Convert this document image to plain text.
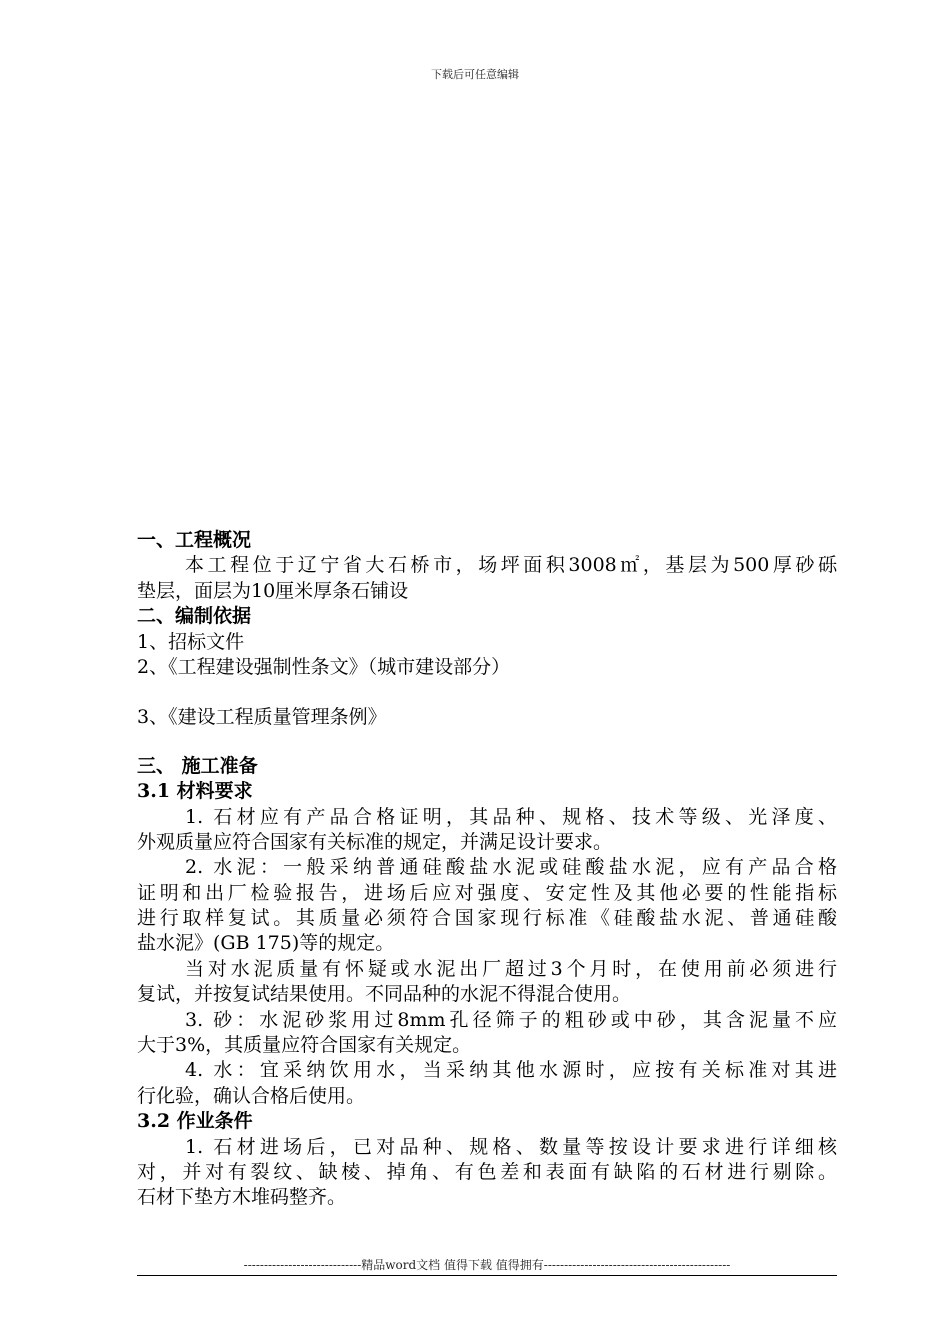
下载后可任意编辑
一、工程概况
本工程位于辽宁省大石桥市，场坪面积3008㎡，基层为500厚砂砾
垫层，面层为10厘米厚条石铺设
二、编制依据
1、招标文件
2、《工程建设强制性条文》（城市建设部分）
3、《建设工程质量管理条例》
三、 施工准备
3.1 材料要求
1. 石材应有产品合格证明，其品种、规格、技术等级、光泽度、
外观质量应符合国家有关标准的规定，并满足设计要求。
2. 水泥：一般采纳普通硅酸盐水泥或硅酸盐水泥，应有产品合格
证明和出厂检验报告，进场后应对强度、安定性及其他必要的性能指标
进行取样复试。其质量必须符合国家现行标准《硅酸盐水泥、普通硅酸
盐水泥》(GB 175)等的规定。
当对水泥质量有怀疑或水泥出厂超过3个月时，在使用前必须进行
复试，并按复试结果使用。不同品种的水泥不得混合使用。
3. 砂：水泥砂浆用过8mm孔径筛子的粗砂或中砂，其含泥量不应
大于3%，其质量应符合国家有关规定。
4. 水：宜采纳饮用水，当采纳其他水源时，应按有关标准对其进
行化验，确认合格后使用。
3.2 作业条件
1. 石材进场后，已对品种、规格、数量等按设计要求进行详细核
对，并对有裂纹、缺棱、掉角、有色差和表面有缺陷的石材进行剔除。
石材下垫方木堆码整齐。
-----------------------------精品word文档 值得下载 值得拥有----------------------------------------------
